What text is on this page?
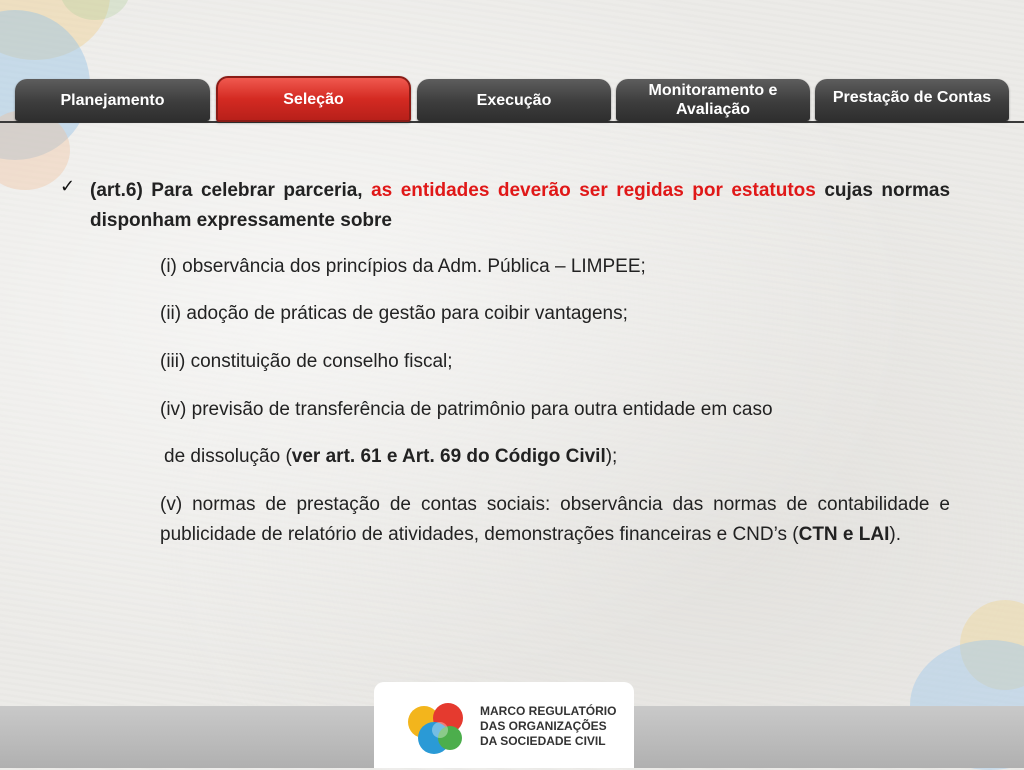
Planejamento	Seleção	Execução
Monitoramento e Avaliação
Prestação de Contas
✓ (art.6) Para celebrar parceria, as entidades deverão ser regidas por estatutos cujas normas disponham expressamente sobre
(i) observância dos princípios da Adm. Pública – LIMPEE;
(ii) adoção de práticas de gestão para coibir vantagens;
(iii) constituição de conselho fiscal;
(iv) previsão de transferência de patrimônio para outra entidade em caso
de dissolução (ver art. 61 e Art. 69 do Código Civil);
(v) normas de prestação de contas sociais: observância das normas de contabilidade e publicidade de relatório de atividades, demonstrações financeiras e CND’s (CTN e LAI).
MARCO REGULATÓRIO
DAS ORGANIZAÇÕES
DA SOCIEDADE CIVIL
